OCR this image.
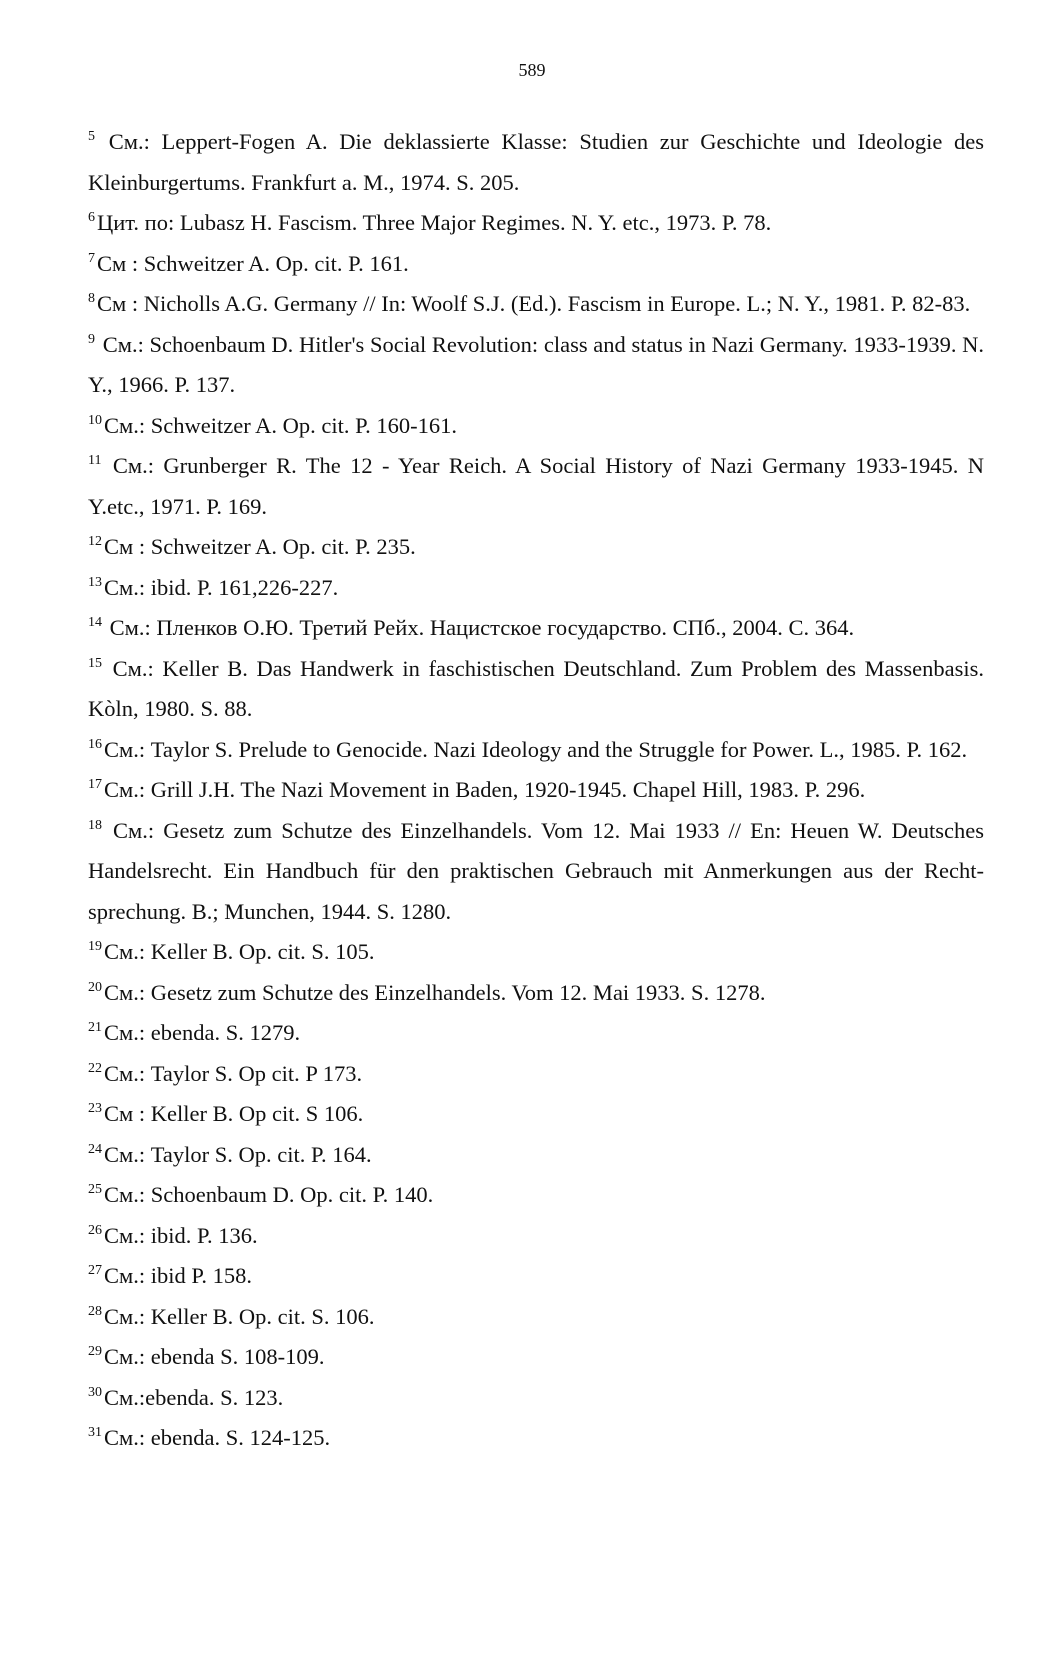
589

$^5$ См.: Leppert-Fogen A. Die deklassierte Klasse: Studien zur Geschichte und Ideologie des Kleinburgertums. Frankfurt a. M., 1974. S. 205.

$^6$Цит. по: Lubasz H. Fascism. Three Major Regimes. N. Y. etc., 1973. P. 78.

$^7$См : Schweitzer A. Op. cit. P. 161.

$^8$См : Nicholls A.G. Germany // In: Woolf S.J. (Ed.). Fascism in Europe. L.; N. Y., 1981. P. 82-83.

$^9$ См.: Schoenbaum D. Hitler's Social Revolution: class and status in Nazi Germany. 1933-1939. N. Y., 1966. P. 137.

$^{10}$См.: Schweitzer A. Op. cit. P. 160-161.

$^{11}$ См.: Grunberger R. The 12 - Year Reich. A Social History of Nazi Germany 1933-1945. N Y.etc., 1971. P. 169.

$^{12}$См : Schweitzer A. Op. cit. P. 235.

$^{13}$См.: ibid. P. 161,226-227.

$^{14}$ См.: Пленков О.Ю. Третий Рейх. Нацистское государство. СПб., 2004. С. 364.

$^{15}$ См.: Keller B. Das Handwerk in faschistischen Deutschland. Zum Problem des Massenbasis. Kòln, 1980. S. 88.

$^{16}$См.: Taylor S. Prelude to Genocide. Nazi Ideology and the Struggle for Power. L., 1985. P. 162.

$^{17}$См.: Grill J.H. The Nazi Movement in Baden, 1920-1945. Chapel Hill, 1983. P. 296.

$^{18}$ См.: Gesetz zum Schutze des Einzelhandels. Vom 12. Mai 1933 // En: Heuen W. Deutsches Handelsrecht. Ein Handbuch für den praktischen Gebrauch mit Anmerkungen aus der Recht-sprechung. B.; Munchen, 1944. S. 1280.

$^{19}$См.: Keller B. Op. cit. S. 105.

$^{20}$См.: Gesetz zum Schutze des Einzelhandels. Vom 12. Mai 1933. S. 1278.

$^{21}$См.: ebenda. S. 1279.

$^{22}$См.: Taylor S. Op cit. P 173.

$^{23}$См : Keller B. Op cit. S 106.

$^{24}$См.: Taylor S. Op. cit. P. 164.

$^{25}$См.: Schoenbaum D. Op. cit. P. 140.

$^{26}$См.: ibid. P. 136.

$^{27}$См.: ibid P. 158.

$^{28}$См.: Keller B. Op. cit. S. 106.

$^{29}$См.: ebenda S. 108-109.

$^{30}$См.:ebenda. S. 123.

$^{31}$См.: ebenda. S. 124-125.
